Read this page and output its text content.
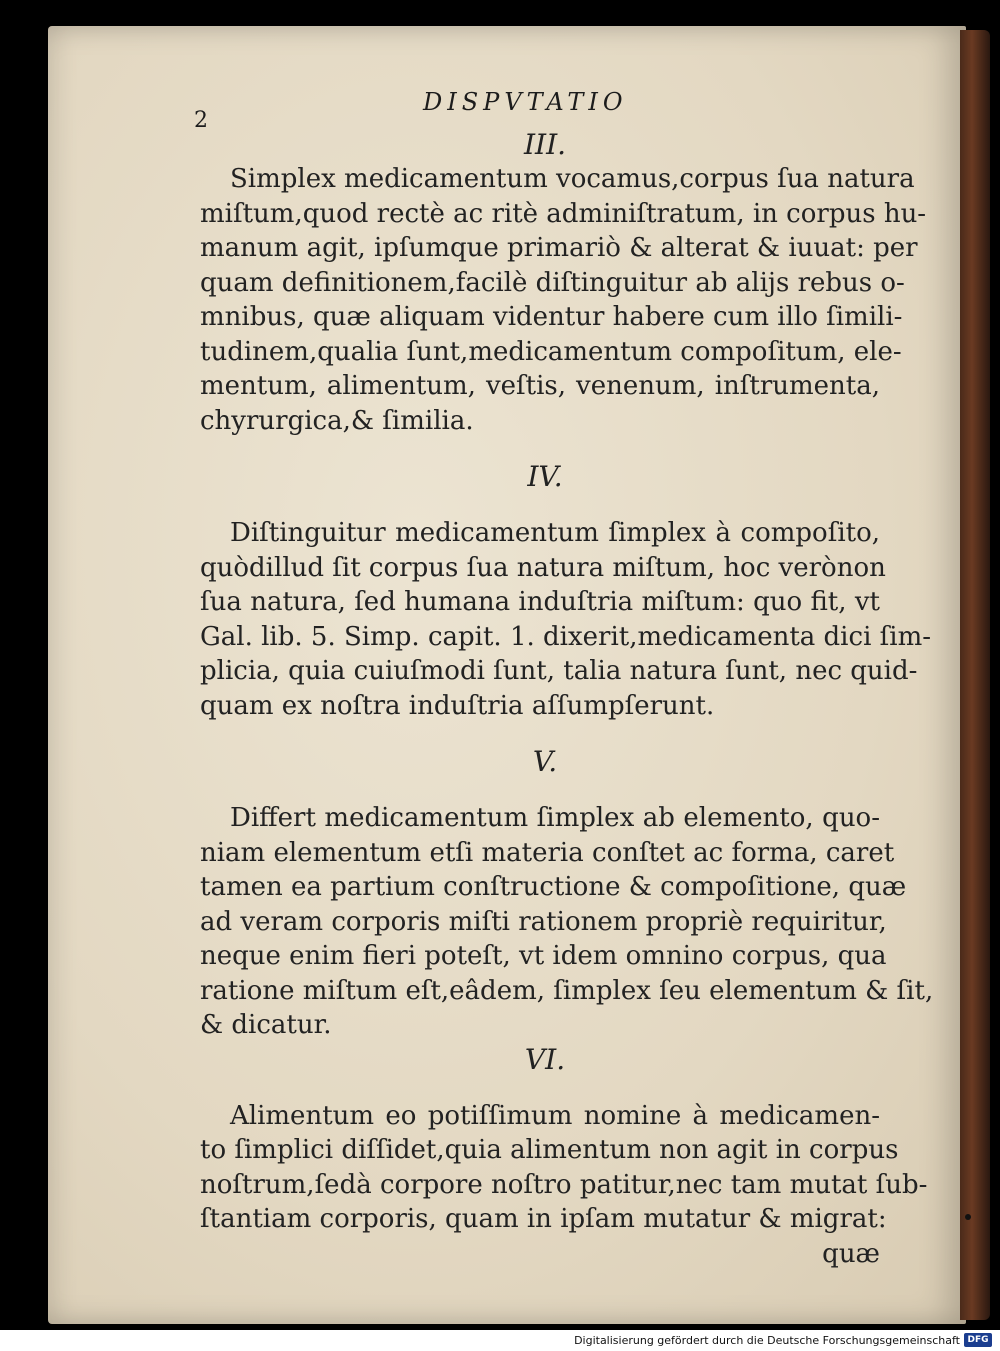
2
DISPVTATIO
III.

Simplex medicamentum vocamus,corpus ſua natura
miſtum,quod rectè ac ritè adminiſtratum, in corpus hu-
manum agit, ipſumque primariò & alterat & iuuat: per
quam definitionem,facilè diſtinguitur ab alijs rebus o-
mnibus, quæ aliquam videntur habere cum illo ſimili-
tudinem,qualia ſunt,medicamentum compoſitum, ele-
mentum, alimentum, veſtis, venenum, inſtrumenta,
chyrurgica,& ſimilia.

IV.

Diſtinguitur medicamentum ſimplex à compoſito,
quòdillud ſit corpus ſua natura miſtum, hoc verònon
ſua natura, ſed humana induſtria miſtum: quo fit, vt
Gal. lib. 5. Simp. capit. 1. dixerit,medicamenta dici ſim-
plicia, quia cuiuſmodi ſunt, talia natura ſunt, nec quid-
quam ex noſtra induſtria aſſumpſerunt.

V.

Differt medicamentum ſimplex ab elemento, quo-
niam elementum etſi materia conſtet ac forma, caret
tamen ea partium conſtructione & compoſitione, quæ
ad veram corporis miſti rationem propriè requiritur,
neque enim fieri poteſt, vt idem omnino corpus, qua
ratione miſtum eſt,eâdem, ſimplex ſeu elementum & ſit,
& dicatur.

VI.

Alimentum eo potiſſimum nomine à medicamen-
to ſimplici diſſidet,quia alimentum non agit in corpus
noſtrum,ſedà corpore noſtro patitur,nec tam mutat ſub-
ſtantiam corporis, quam in ipſam mutatur & migrat:
quæ

Digitalisierung gefördert durch die Deutsche Forschungsgemeinschaft DFG
